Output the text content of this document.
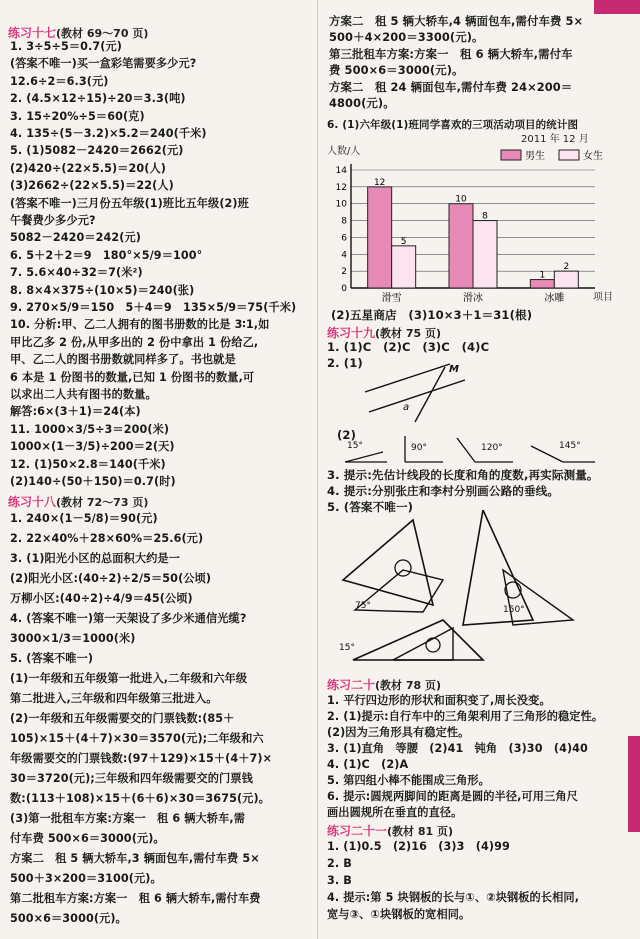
练习十七(教材 69～70 页)
1. 3÷5÷5＝0.7(元)
(答案不唯一)买一盒彩笔需要多少元?
12.6÷2＝6.3(元)
2. (4.5×12÷15)÷20＝3.3(吨)
3. 15÷20%÷5＝60(克)
4. 135÷(5－3.2)×5.2＝240(千米)
5. (1)5082－2420＝2662(元)
(2)420÷(22×5.5)＝20(人)
(3)2662÷(22×5.5)＝22(人)
(答案不唯一)三月份五年级(1)班比五年级(2)班
午餐费少多少元?
5082－2420＝242(元)
6. 5＋2＋2＝9　180°×5/9＝100°
7. 5.6×40÷32＝7(米²)
8. 8×4×375÷(10×5)＝240(张)
9. 270×5/9＝150　5＋4＝9　135×5/9＝75(千米)
10. 分析:甲、乙二人拥有的图书册数的比是 3∶1,如
甲比乙多 2 份,从甲多出的 2 份中拿出 1 份给乙,
甲、乙二人的图书册数就同样多了。书也就是
6 本是 1 份图书的数量,已知 1 份图书的数量,可
以求出二人共有图书的数量。
解答:6×(3＋1)＝24(本)
11. 1000×3/5÷3＝200(米)
1000×(1－3/5)÷200＝2(天)
12. (1)50×2.8＝140(千米)
(2)140÷(50＋150)＝0.7(时)
练习十八(教材 72～73 页)
1. 240×(1－5/8)＝90(元)
2. 22×40%＋28×60%＝25.6(元)
3. (1)阳光小区的总面积大约是一
(2)阳光小区:(40÷2)÷2/5＝50(公顷)
万柳小区:(40÷2)÷4/9＝45(公顷)
4. (答案不唯一)第一天架设了多少米通信光缆?
3000×1/3＝1000(米)
5. (答案不唯一)
(1)一年级和五年级第一批进入,二年级和六年级
第二批进入,三年级和四年级第三批进入。
(2)一年级和五年级需要交的门票钱数:(85＋
105)×15＋(4＋7)×30＝3570(元);二年级和六
年级需要交的门票钱数:(97＋129)×15＋(4＋7)×
30＝3720(元);三年级和四年级需要交的门票钱
数:(113＋108)×15＋(6＋6)×30＝3675(元)。
(3)第一批租车方案:方案一　租 6 辆大轿车,需
付车费 500×6＝3000(元)。
方案二　租 5 辆大轿车,3 辆面包车,需付车费 5×
500＋3×200＝3100(元)。
第二批租车方案:方案一　租 6 辆大轿车,需付车费
500×6＝3000(元)。
方案二　租 5 辆大轿车,4 辆面包车,需付车费 5×
500＋4×200＝3300(元)。
第三批租车方案:方案一　租 6 辆大轿车,需付车
费 500×6＝3000(元)。
方案二　租 24 辆面包车,需付车费 24×200＝
4800(元)。
6. (1)六年级(1)班同学喜欢的三项活动项目的统计图
2011 年 12 月
人数/人
项目
男生	女生
0
2
4
6
8
10
12
14
12
5
滑雪
10
8
滑冰
1
2
冰雕
(2)五星商店　(3)10×3＋1＝31(根)
练习十九(教材 75 页)
1. (1)C　(2)C　(3)C　(4)C
2. (1)	M
a
(2)
15°	90°	120°	145°
3. 提示:先估计线段的长度和角的度数,再实际测量。
4. 提示:分别张庄和李村分别画公路的垂线。
5. (答案不唯一)
75°	150°
15°
练习二十(教材 78 页)
1. 平行四边形的形状和面积变了,周长没变。
2. (1)提示:自行车中的三角架利用了三角形的稳定性。
(2)因为三角形具有稳定性。
3. (1)直角　等腰　(2)41　钝角　(3)30　(4)40
4. (1)C　(2)A
5. 第四组小棒不能围成三角形。
6. 提示:圆规两脚间的距离是圆的半径,可用三角尺
画出圆规所在垂直的直径。
练习二十一(教材 81 页)
1. (1)0.5　(2)16　(3)3　(4)99
2. B
3. B
4. 提示:第 5 块钢板的长与①、②块钢板的长相同,
宽与③、①块钢板的宽相同。
